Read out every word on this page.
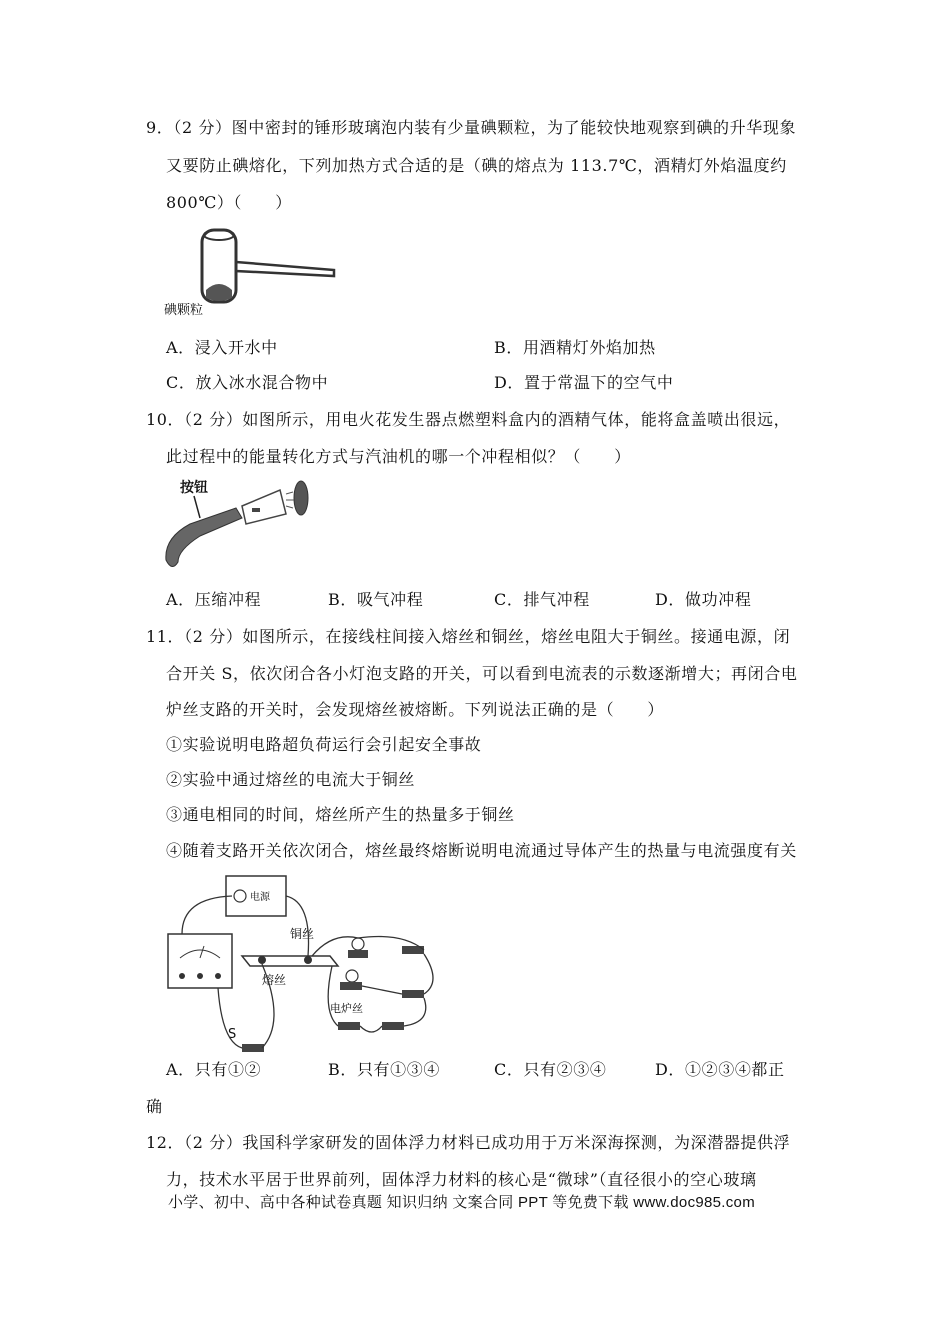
9．（2 分）图中密封的锤形玻璃泡内装有少量碘颗粒，为了能较快地观察到碘的升华现象
又要防止碘熔化，下列加热方式合适的是（碘的熔点为 113.7℃，酒精灯外焰温度约
800℃）（　　）
碘颗粒
A．浸入开水中	B．用酒精灯外焰加热
C．放入冰水混合物中	D．置于常温下的空气中
10．（2 分）如图所示，用电火花发生器点燃塑料盒内的酒精气体，能将盒盖喷出很远，
此过程中的能量转化方式与汽油机的哪一个冲程相似？（　　）
按钮
A．压缩冲程	B．吸气冲程	C．排气冲程	D．做功冲程
11．（2 分）如图所示，在接线柱间接入熔丝和铜丝，熔丝电阻大于铜丝。接通电源，闭
合开关 S，依次闭合各小灯泡支路的开关，可以看到电流表的示数逐渐增大；再闭合电
炉丝支路的开关时，会发现熔丝被熔断。下列说法正确的是（　　）
①实验说明电路超负荷运行会引起安全事故
②实验中通过熔丝的电流大于铜丝
③通电相同的时间，熔丝所产生的热量多于铜丝
④随着支路开关依次闭合，熔丝最终熔断说明电流通过导体产生的热量与电流强度有关
电源
铜丝
熔丝
电炉丝
S
A．只有①②	B．只有①③④	C．只有②③④	D．①②③④都正
确
12．（2 分）我国科学家研发的固体浮力材料已成功用于万米深海探测，为深潜器提供浮
力，技术水平居于世界前列，固体浮力材料的核心是“微球”（直径很小的空心玻璃
小学、初中、高中各种试卷真题 知识归纳 文案合同 PPT 等免费下载 www.doc985.com
